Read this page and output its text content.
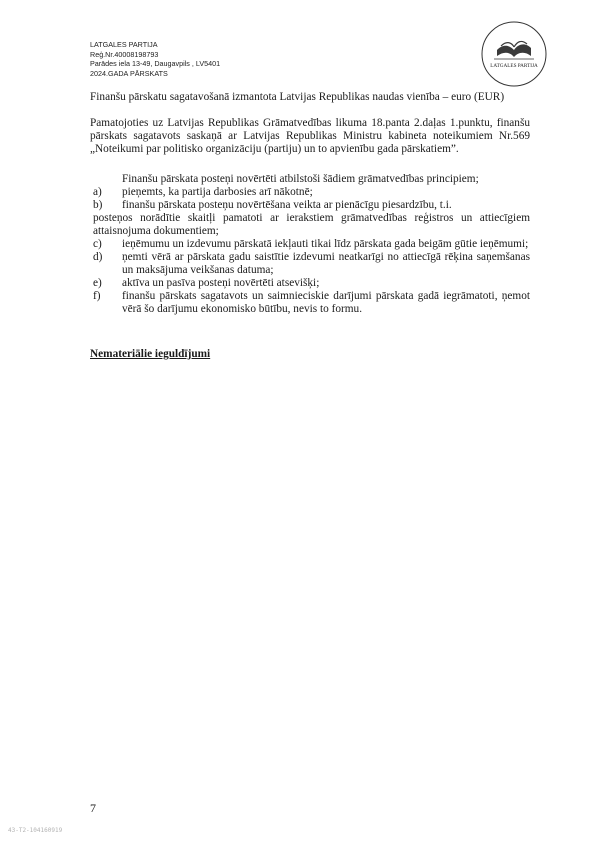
LATGALES PARTIJA
Reģ.Nr.40008198793
Parādes iela 13-49, Daugavpils , LV5401
2024.GADA PĀRSKATS
LATGALES PARTIJA
Finanšu pārskatu sagatavošanā izmantota Latvijas Republikas naudas vienība – euro (EUR)
Pamatojoties uz Latvijas Republikas Grāmatvedības likuma 18.panta 2.daļas 1.punktu, finanšu pārskats sagatavots saskaņā ar Latvijas Republikas Ministru kabineta noteikumiem Nr.569 „Noteikumi par politisko organizāciju (partiju) un to apvienību gada pārskatiem”.
Finanšu pārskata posteņi novērtēti atbilstoši šādiem grāmatvedības principiem;
a)	pieņemts, ka partija darbosies arī nākotnē;
b)	finanšu pārskata posteņu novērtēšana veikta ar pienācīgu piesardzību, t.i.
posteņos norādītie skaitļi pamatoti ar ierakstiem grāmatvedības reģistros un attiecīgiem attaisnojuma dokumentiem;
c)	ieņēmumu un izdevumu pārskatā iekļauti tikai līdz pārskata gada beigām gūtie ieņēmumi;
d)	ņemti vērā ar pārskata gadu saistītie izdevumi neatkarīgi no attiecīgā rēķina saņemšanas un maksājuma veikšanas datuma;
e)	aktīva un pasīva posteņi novērtēti atsevišķi;
f)	finanšu pārskats sagatavots un saimnieciskie darījumi pārskata gadā iegrāmatoti, ņemot vērā šo darījumu ekonomisko būtību, nevis to formu.
Nemateriālie ieguldījumi
7
43-T2-104160919
